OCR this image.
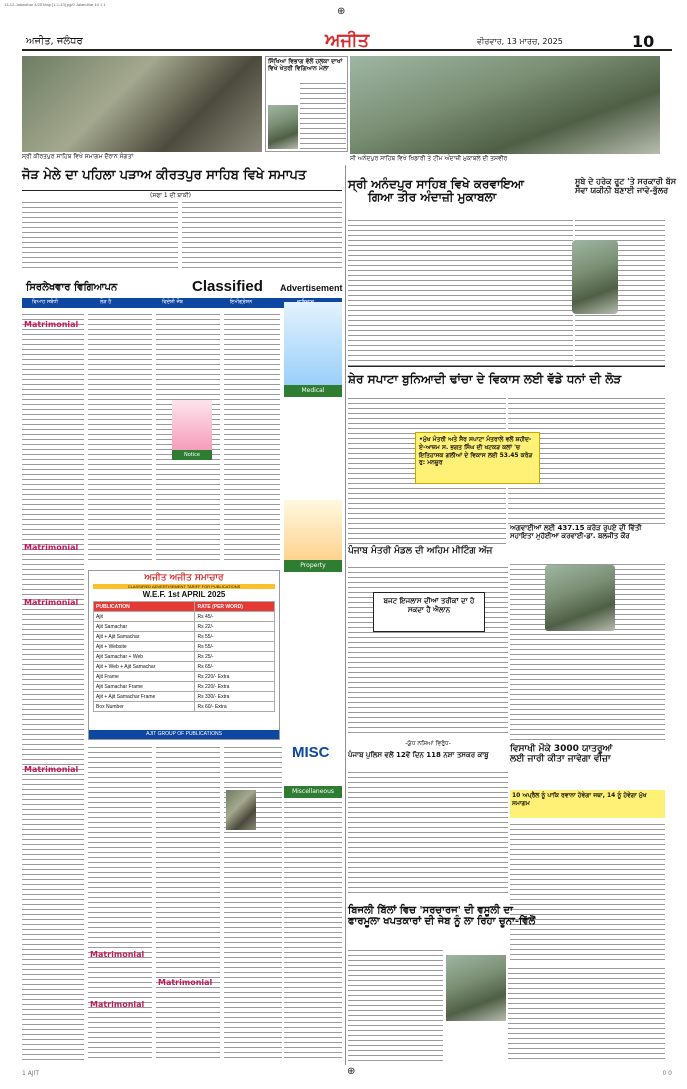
13-12-Jalandhar 4/25 Map [1-1-43] pg/0 Jalandhar 10 1 1
⊕
ਅਜੀਤ, ਜਲੰਧਰ	ਅਜੀਤ	ਵੀਰਵਾਰ, 13 ਮਾਰਚ, 2025	10
ਸਿੱਖਿਆ ਵਿਭਾਗ ਵੱਲੋਂ ਹਲਕਾ ਦਾਖਾਂ ਵਿਖੇ ਖੇਤਰੀ ਵਿਗਿਆਨ ਮੇਲਾ
ਸ੍ਰੀ ਕੀਰਤਪੁਰ ਸਾਹਿਬ ਵਿਖੇ ਸਮਾਗਮ ਦੌਰਾਨ ਸੰਗਤਾਂ	ਸੀ ਅਨੰਦਪੁਰ ਸਾਹਿਬ ਵਿਖੇ ਖਿਡਾਰੀ ਤੇ ਟੀਮ ਅੰਦਾਜ਼ੀ ਮੁਕਾਬਲੇ ਦੀ ਤਸਵੀਰ
ਜੋੜ ਮੇਲੇ ਦਾ ਪਹਿਲਾ ਪੜਾਅ ਕੀਰਤਪੁਰ ਸਾਹਿਬ ਵਿਖੇ ਸਮਾਪਤ
(ਸਫਾ 1 ਦੀ ਬਾਕੀ)
ਸ੍ਰੀ ਅਨੰਦਪੁਰ ਸਾਹਿਬ ਵਿਖੇ ਕਰਵਾਇਆ
ਗਿਆ ਤੀਰ ਅੰਦਾਜ਼ੀ ਮੁਕਾਬਲਾ
ਸੂਬੇ ਦੇ ਹਰੇਕ ਰੂਟ 'ਤੇ ਸਰਕਾਰੀ ਬੱਸ
ਸੇਵਾ ਯਕੀਨੀ ਬਣਾਈ ਜਾਵੇ-ਭੁੱਲਰ
ਸ਼ੇਰ ਸਪਾਟਾ ਬੁਨਿਆਦੀ ਢਾਂਚਾ ਦੇ ਵਿਕਾਸ ਲਈ ਵੱਡੇ ਧਨਾਂ ਦੀ ਲੋੜ
•ਮੁੱਖ ਮੰਤਰੀ ਅਤੇ ਸੈਰ ਸਪਾਟਾ ਮੰਤਰਾਲੇ ਵਲੋਂ ਸ਼ਹੀਦ-ਏ-ਆਜ਼ਮ ਸ. ਭਗਤ ਸਿੰਘ ਦੀ ਖਟਕੜ ਕਲਾਂ 'ਚ ਇਤਿਹਾਸਕ ਗਲੀਆਂ ਦੇ ਵਿਕਾਸ ਲਈ 53.45 ਕਰੋੜ ਰੁ: ਮਨਜ਼ੂਰ
ਪੰਜਾਬ ਮੰਤਰੀ ਮੰਡਲ ਦੀ ਅਹਿਮ ਮੀਟਿੰਗ ਅੱਜ
ਬਜਟ ਇਜਲਾਸ ਦੀਆਂ ਤਰੀਕਾਂ ਦਾ ਹੋ ਸਕਦਾ ਹੈ ਐਲਾਨ
ਅਗਵਾਈਆਂ ਲਈ 437.15 ਕਰੋੜ ਰੁਪਏ ਦੀ ਵਿੱਤੀ
ਸਹਾਇਤਾ ਮੁਹੱਈਆ ਕਰਵਾਈ-ਡਾ. ਬਲਜੀਤ ਕੌਰ
-ਯੁੱਧ ਨਸ਼ਿਆਂ ਵਿਰੁੱਧ-
ਪੰਜਾਬ ਪੁਲਿਸ ਵਲੋਂ 12ਵੇਂ ਦਿਨ 118 ਨਸ਼ਾ ਤਸਕਰ ਕਾਬੂ
ਵਿਸਾਖੀ ਮੌਕੇ 3000 ਯਾਤਰੂਆਂ
ਲਈ ਜਾਰੀ ਕੀਤਾ ਜਾਵੇਗਾ ਵੀਜ਼ਾ
10 ਅਪ੍ਰੈਲ ਨੂੰ ਪਾਕਿ ਰਵਾਨਾ ਹੋਵੇਗਾ ਜਥਾ, 14 ਨੂੰ ਹੋਵੇਗਾ ਮੁੱਖ ਸਮਾਗਮ
ਬਿਜਲੀ ਬਿੱਲਾਂ ਵਿਚ 'ਸਰਚਾਰਜ' ਦੀ ਵਸੂਲੀ ਦਾ
ਫਾਰਮੂਲਾ ਖਪਤਕਾਰਾਂ ਦੀ ਜੇਬ ਨੂੰ ਲਾ ਰਿਹਾ ਚੂਨਾ-ਵਿੱਲੋਂ
ਸਿਰਲੇਖਵਾਰ ਵਿਗਿਆਪਨ	Classified Advertisement
ਵਿਆਹ ਸਬੰਧੀ	ਲੋੜ ਹੈ	ਵਿਦੇਸ਼ੀ ਜੌਬ	ਇਮੀਗ੍ਰੇਸ਼ਨ
Matrimonial
Matrimonial
Matrimonial
Matrimonial
Medical
Property
MISC
Miscellaneous
Notice
ਅਜੀਤ ਅਜੀਤ ਸਮਾਚਾਰ
CLASSIFIED ADVERTISEMENT TARIFF FOR PUBLICATIONS
W.E.F. 1st APRIL 2025
PUBLICATION	RATE (PER WORD)
Ajit	Rs 45/-
Ajit Samachar	Rs 22/-
Ajit + Ajit Samachar	Rs 55/-
Ajit + Website	Rs 55/-
Ajit Samachar + Web	Rs 25/-
Ajit + Web + Ajit Samachar	Rs 65/-
Ajit Frame	Rs 220/- Extra
Ajit Samachar Frame	Rs 220/- Extra
Ajit + Ajit Samachar Frame	Rs 330/- Extra
Box Number	Rs 60/- Extra
AJIT GROUP OF PUBLICATIONS
Matrimonial
Matrimonial
Matrimonial
1 AJIT	⊕	0 0
